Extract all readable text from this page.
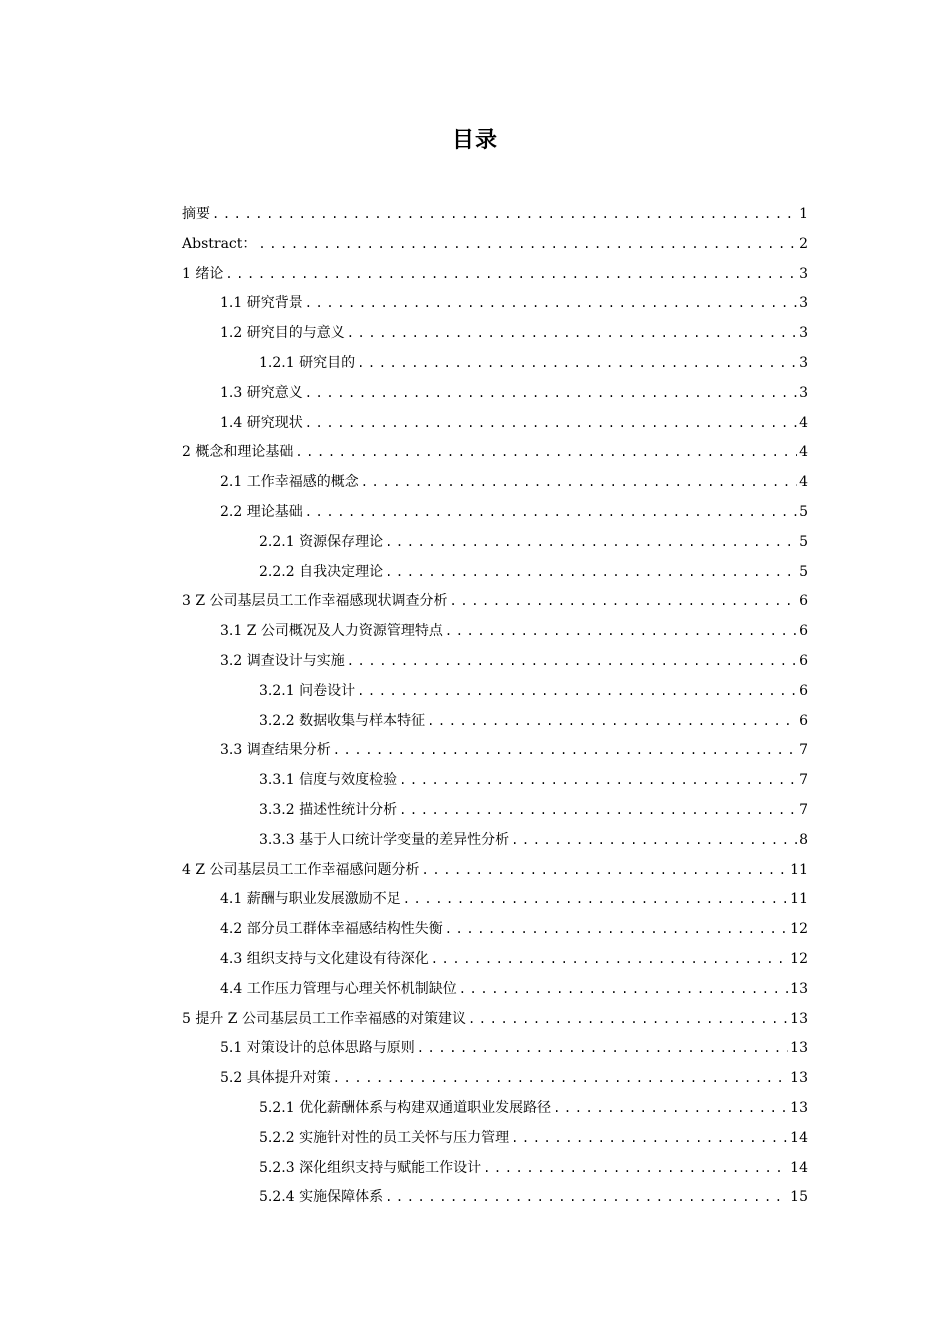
目录
摘要 .....	1
Abstract： .....	2
1 绪论 .....	3
1.1 研究背景 .....	3
1.2 研究目的与意义 .....	3
1.2.1 研究目的 .....	3
1.3 研究意义 .....	3
1.4 研究现状 .....	4
2 概念和理论基础 .....	4
2.1 工作幸福感的概念 .....	4
2.2 理论基础 .....	5
2.2.1 资源保存理论 .....	5
2.2.2 自我决定理论 .....	5
3 Z 公司基层员工工作幸福感现状调查分析 .....	6
3.1 Z 公司概况及人力资源管理特点 .....	6
3.2 调查设计与实施 .....	6
3.2.1 问卷设计 .....	6
3.2.2 数据收集与样本特征 .....	6
3.3 调查结果分析 .....	7
3.3.1 信度与效度检验 .....	7
3.3.2 描述性统计分析 .....	7
3.3.3 基于人口统计学变量的差异性分析 .....	8
4 Z 公司基层员工工作幸福感问题分析 .....	11
4.1 薪酬与职业发展激励不足 .....	11
4.2 部分员工群体幸福感结构性失衡 .....	12
4.3 组织支持与文化建设有待深化 .....	12
4.4 工作压力管理与心理关怀机制缺位 .....	13
5 提升 Z 公司基层员工工作幸福感的对策建议 .....	13
5.1 对策设计的总体思路与原则 .....	13
5.2 具体提升对策 .....	13
5.2.1 优化薪酬体系与构建双通道职业发展路径 .....	13
5.2.2 实施针对性的员工关怀与压力管理 .....	14
5.2.3 深化组织支持与赋能工作设计 .....	14
5.2.4 实施保障体系 .....	15
